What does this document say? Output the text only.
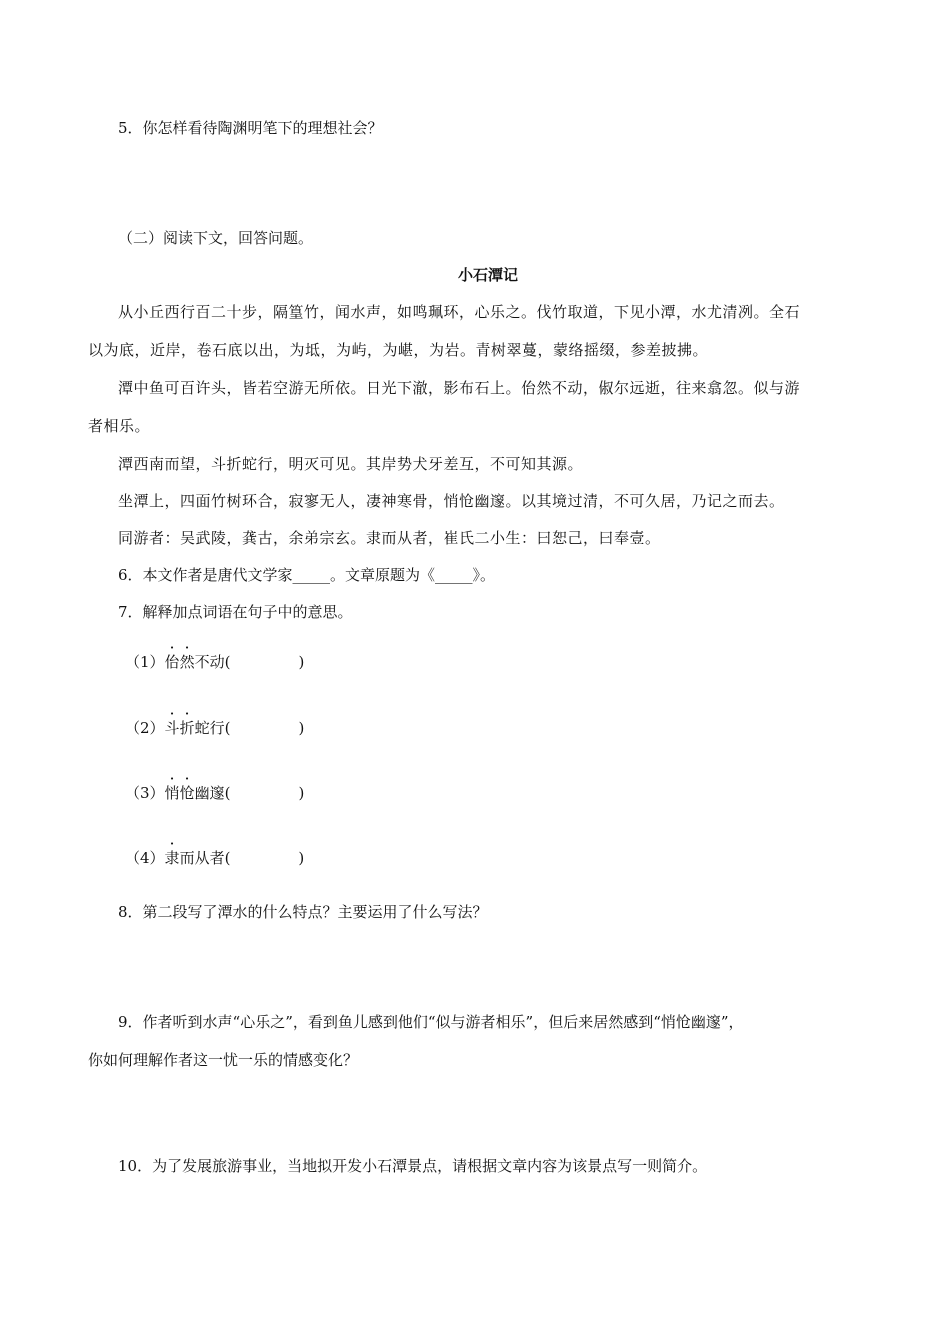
5．你怎样看待陶渊明笔下的理想社会？
（二）阅读下文，回答问题。
小石潭记
从小丘西行百二十步，隔篁竹，闻水声，如鸣珮环，心乐之。伐竹取道，下见小潭，水尤清冽。全石
以为底，近岸，卷石底以出，为坻，为屿，为嵁，为岩。青树翠蔓，蒙络摇缀，参差披拂。
潭中鱼可百许头，皆若空游无所依。日光下澈，影布石上。佁然不动，俶尔远逝，往来翕忽。似与游
者相乐。
潭西南而望，斗折蛇行，明灭可见。其岸势犬牙差互，不可知其源。
坐潭上，四面竹树环合，寂寥无人，凄神寒骨，悄怆幽邃。以其境过清，不可久居，乃记之而去。
同游者：吴武陵，龚古，余弟宗玄。隶而从者，崔氏二小生：曰恕己，曰奉壹。
6．本文作者是唐代文学家_____。文章原题为《_____》。
7．解释加点词语在句子中的意思。
（1）佁然不动(	)
（2）斗折蛇行(	)
（3）悄怆幽邃(	)
（4）隶而从者(	)
8．第二段写了潭水的什么特点？主要运用了什么写法？
9．作者听到水声“心乐之”，看到鱼儿感到他们“似与游者相乐”，但后来居然感到“悄怆幽邃”，
你如何理解作者这一忧一乐的情感变化？
10．为了发展旅游事业，当地拟开发小石潭景点，请根据文章内容为该景点写一则简介。
